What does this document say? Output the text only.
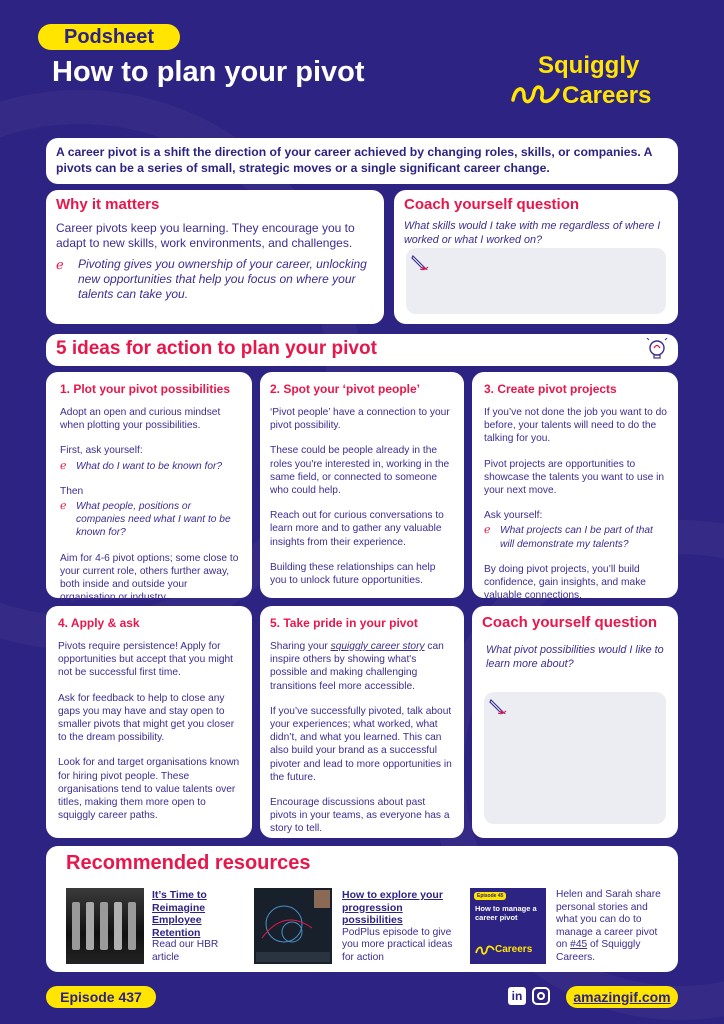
Podsheet
How to plan your pivot	Squiggly
Careers
A career pivot is a shift the direction of your career achieved by changing roles, skills, or companies. A pivots can be a series of small, strategic moves or a single significant career change.
Why it matters
Career pivots keep you learning. They encourage you to adapt to new skills, work environments, and challenges.
ℯ Pivoting gives you ownership of your career, unlocking new opportunities that help you focus on where your talents can take you.
Coach yourself question
What skills would I take with me regardless of where I worked or what I worked on?
5 ideas for action to plan your pivot
1. Plot your pivot possibilities

Adopt an open and curious mindset when plotting your possibilities.

First, ask yourself:

ℯ What do I want to be known for?

Then

ℯ What people, positions or companies need what I want to be known for?

Aim for 4-6 pivot options; some close to your current role, others further away, both inside and outside your organisation or industry.

2. Spot your ‘pivot people’

‘Pivot people’ have a connection to your pivot possibility.

These could be people already in the roles you're interested in, working in the same field, or connected to someone who could help.

Reach out for curious conversations to learn more and to gather any valuable insights from their experience.

Building these relationships can help you to unlock future opportunities.

3. Create pivot projects

If you’ve not done the job you want to do before, your talents will need to do the talking for you.

Pivot projects are opportunities to showcase the talents you want to use in your next move.

Ask yourself:

ℯ What projects can I be part of that will demonstrate my talents?

By doing pivot projects, you’ll build confidence, gain insights, and make valuable connections.

4. Apply & ask

Pivots require persistence! Apply for opportunities but accept that you might not be successful first time.

Ask for feedback to help to close any gaps you may have and stay open to smaller pivots that might get you closer to the dream possibility.

Look for and target organisations known for hiring pivot people. These organisations tend to value talents over titles, making them more open to squiggly career paths.

5. Take pride in your pivot

Sharing your squiggly career story can inspire others by showing what's possible and making challenging transitions feel more accessible.

If you’ve successfully pivoted, talk about your experiences; what worked, what didn’t, and what you learned. This can also build your brand as a successful pivoter and lead to more opportunities in the future.

Encourage discussions about past pivots in your teams, as everyone has a story to tell.

Coach yourself question
What pivot possibilities would I like to learn more about?
Recommended resources
It’s Time to Reimagine Employee Retention
Read our HBR article
How to explore your progression possibilities
PodPlus episode to give you more practical ideas for action
Episode 45
How to manage a career pivot
Careers
Helen and Sarah share personal stories and what you can do to manage a career pivot on #45 of Squiggly Careers.
Episode 437	in	amazingif.com
